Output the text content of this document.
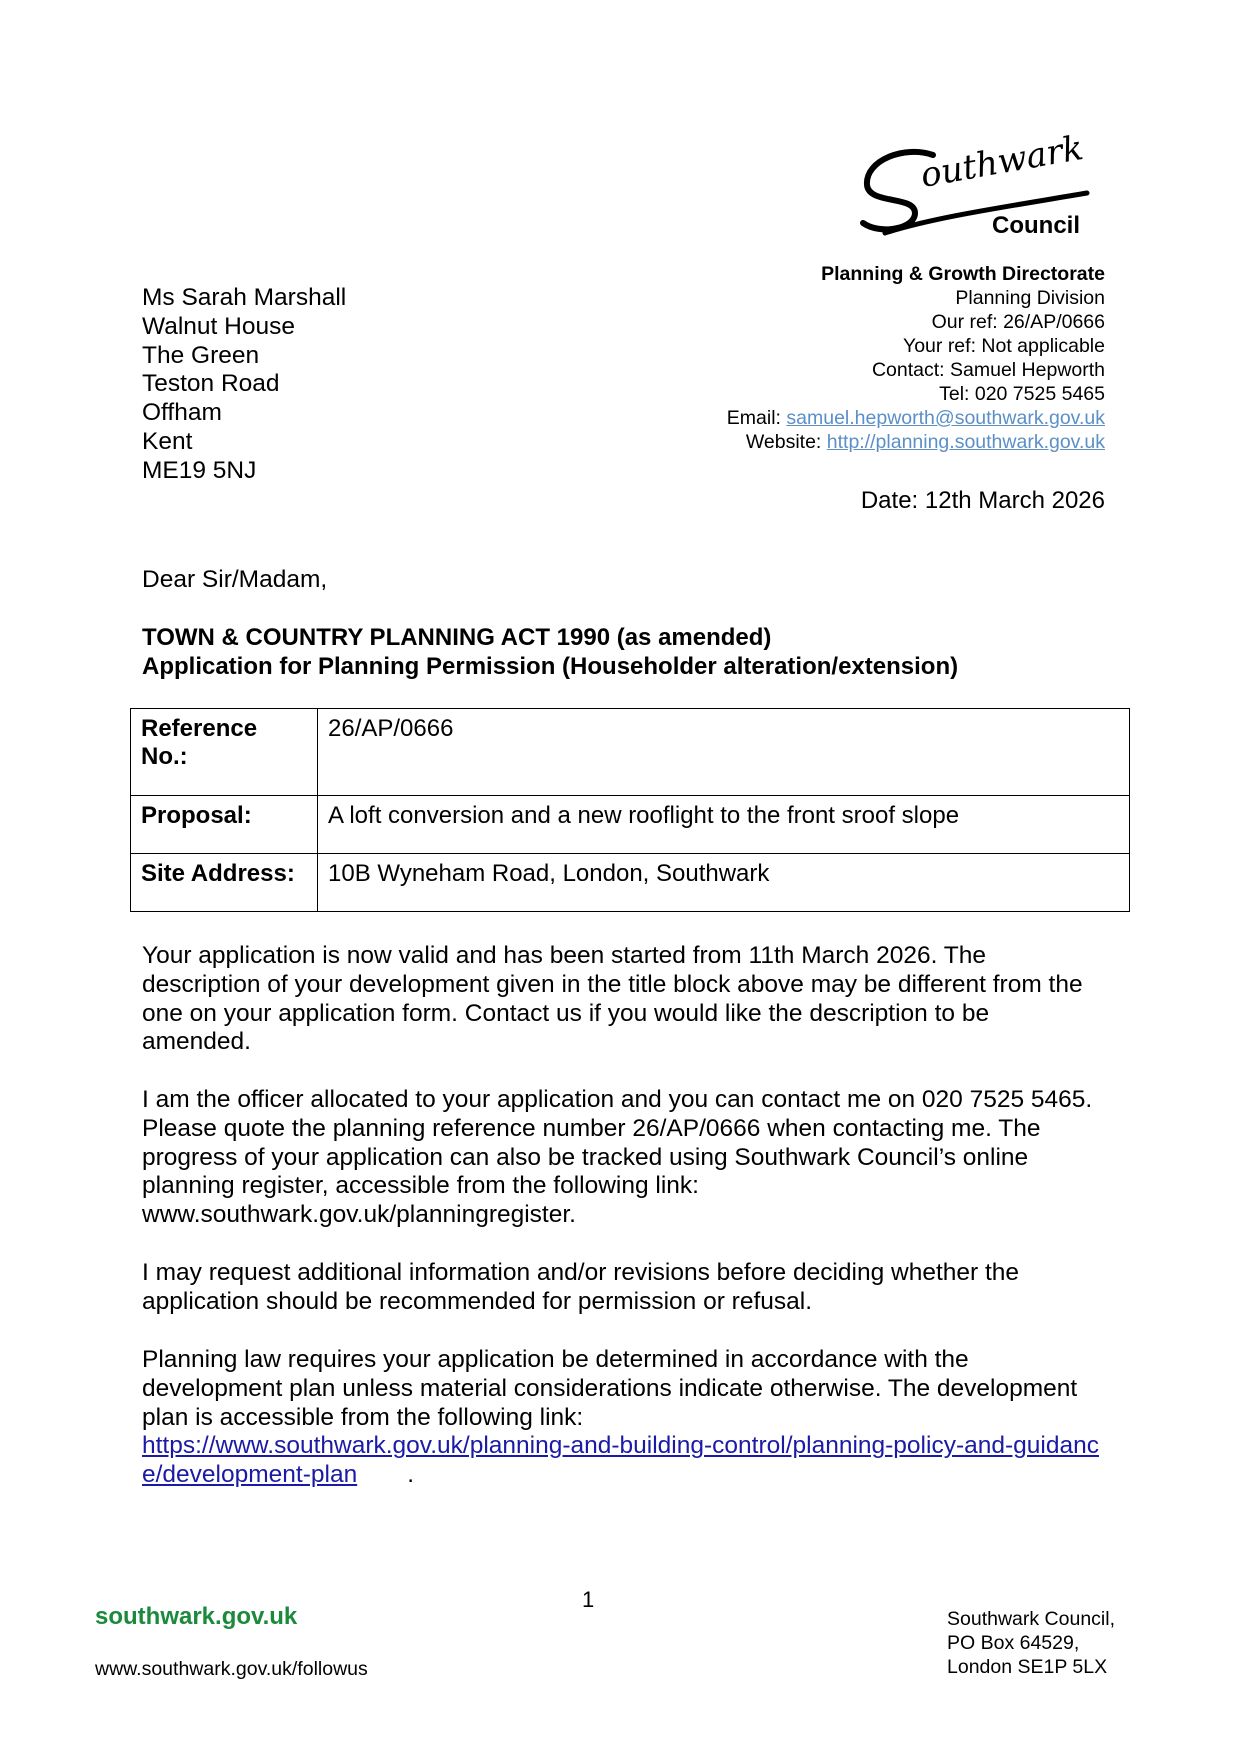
outhwark
Council
Planning & Growth Directorate
Planning Division
Our ref: 26/AP/0666
Your ref: Not applicable
Contact: Samuel Hepworth
Tel: 020 7525 5465
Email: samuel.hepworth@southwark.gov.uk
Website: http://planning.southwark.gov.uk
Date: 12th March 2026
Ms Sarah Marshall
Walnut House
The Green
Teston Road
Offham
Kent
ME19 5NJ
Dear Sir/Madam,
TOWN & COUNTRY PLANNING ACT 1990 (as amended)
Application for Planning Permission (Householder alteration/extension)
Reference No.:	26/AP/0666
Proposal:	A loft conversion and a new rooflight to the front sroof slope
Site Address:	10B Wyneham Road, London, Southwark
Your application is now valid and has been started from 11th March 2026. The description of your development given in the title block above may be different from the one on your application form. Contact us if you would like the description to be amended.
I am the officer allocated to your application and you can contact me on 020 7525 5465. Please quote the planning reference number 26/AP/0666 when contacting me. The progress of your application can also be tracked using Southwark Council’s online planning register, accessible from the following link: www.southwark.gov.uk/planningregister.
I may request additional information and/or revisions before deciding whether the application should be recommended for permission or refusal.
Planning law requires your application be determined in accordance with the development plan unless material considerations indicate otherwise. The development plan is accessible from the following link:
https://www.southwark.gov.uk/planning-and-building-control/planning-policy-and-guidance/development-plan .
1
southwark.gov.uk
www.southwark.gov.uk/followus
Southwark Council,
PO Box 64529,
London SE1P 5LX
